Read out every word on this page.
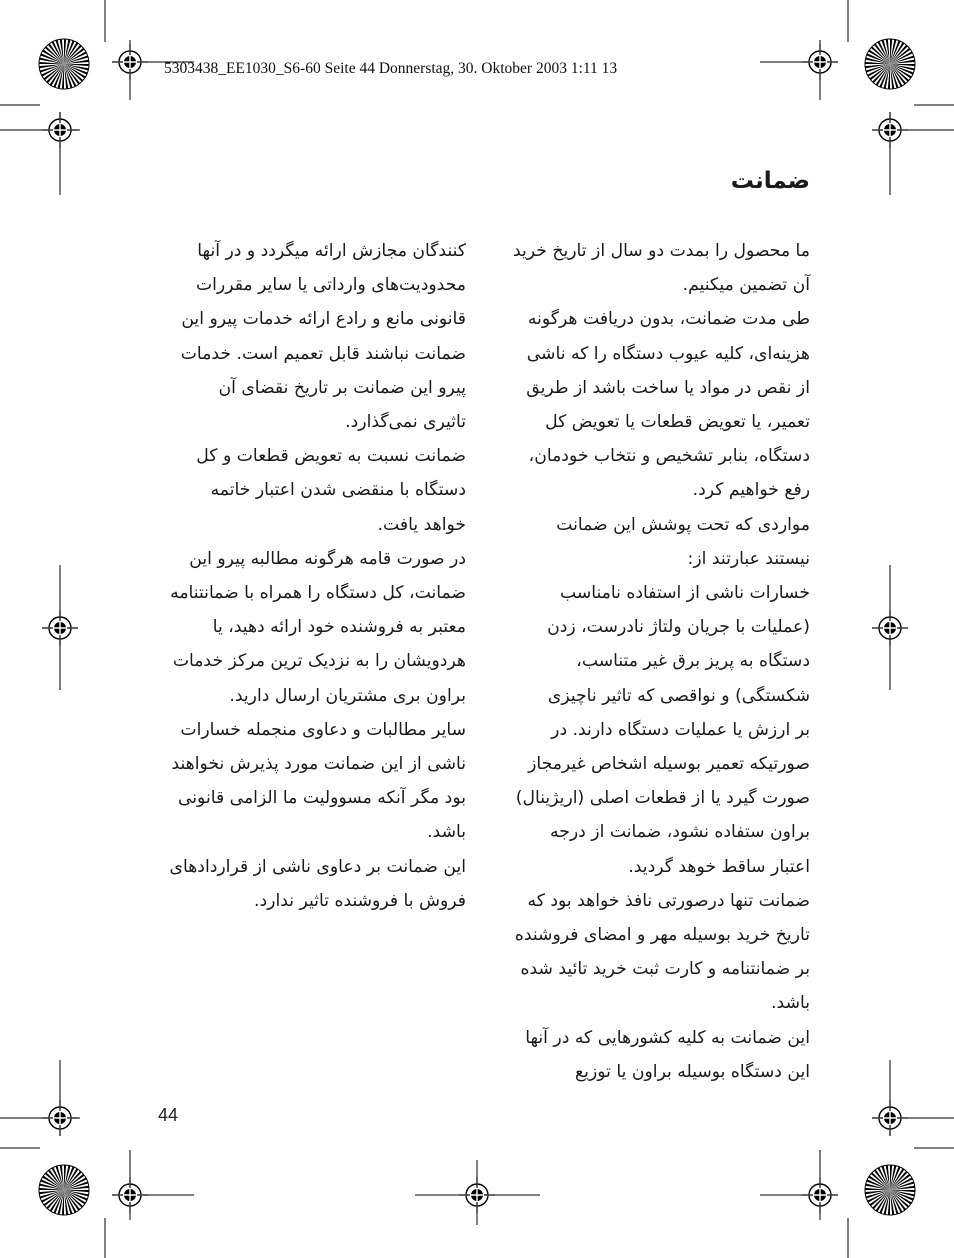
5303438_EE1030_S6-60 Seite 44 Donnerstag, 30. Oktober 2003 1:11 13
ضمانت
ما محصول را بمدت دو سال از تاریخ خرید
آن تضمین میکنیم.
طی مدت ضمانت، بدون دریافت هرگونه
هزینه‌ای، کلیه عیوب دستگاه را که ناشی
از نقص در مواد یا ساخت باشد از طریق
تعمیر، یا تعویض قطعات یا تعویض کل
دستگاه، بنابر تشخیص و نتخاب خودمان،
رفع خواهیم کرد.
مواردی که تحت پوشش این ضمانت
نیستند عبارتند از:
خسارات ناشی از استفاده نامناسب
(عملیات با جریان ولتاژ نادرست، زدن
دستگاه به پریز برق غیر متناسب،
شکستگی) و نواقصی که تاثیر ناچیزی
بر ارزش یا عملیات دستگاه دارند. در
صورتیکه تعمیر بوسیله اشخاص غیرمجاز
صورت گیرد یا از قطعات اصلی (اریژینال)
براون ستفاده نشود، ضمانت از درجه
اعتبار ساقط خوهد گردید.
ضمانت تنها درصورتی نافذ خواهد بود که
تاریخ خرید بوسیله مهر و امضای فروشنده
بر ضمانتنامه و کارت ثبت خرید تائید شده
باشد.
این ضمانت به کلیه کشورهایی که در آنها
این دستگاه بوسیله براون یا توزیع
کنندگان مجازش ارائه میگردد و در آنها
محدودیت‌های وارداتی یا سایر مقررات
قانونی مانع و رادع ارائه خدمات پیرو این
ضمانت نباشند قابل تعمیم است. خدمات
پیرو این ضمانت بر تاریخ نقضای آن
تاثیری نمی‌گذارد.
ضمانت نسبت به تعویض قطعات و کل
دستگاه با منقضی شدن اعتبار خاتمه
خواهد یافت.
در صورت قامه هرگونه مطالبه پیرو این
ضمانت، کل دستگاه را همراه با ضمانتنامه
معتبر به فروشنده خود ارائه دهید، یا
هردویشان را به نزدیک ترین مرکز خدمات
براون بری مشتریان ارسال دارید.
سایر مطالبات و دعاوی منجمله خسارات
ناشی از این ضمانت مورد پذیرش نخواهند
بود مگر آنکه مسوولیت ما الزامی قانونی
باشد.
این ضمانت بر دعاوی ناشی از قراردادهای
فروش با فروشنده تاثیر ندارد.
44
